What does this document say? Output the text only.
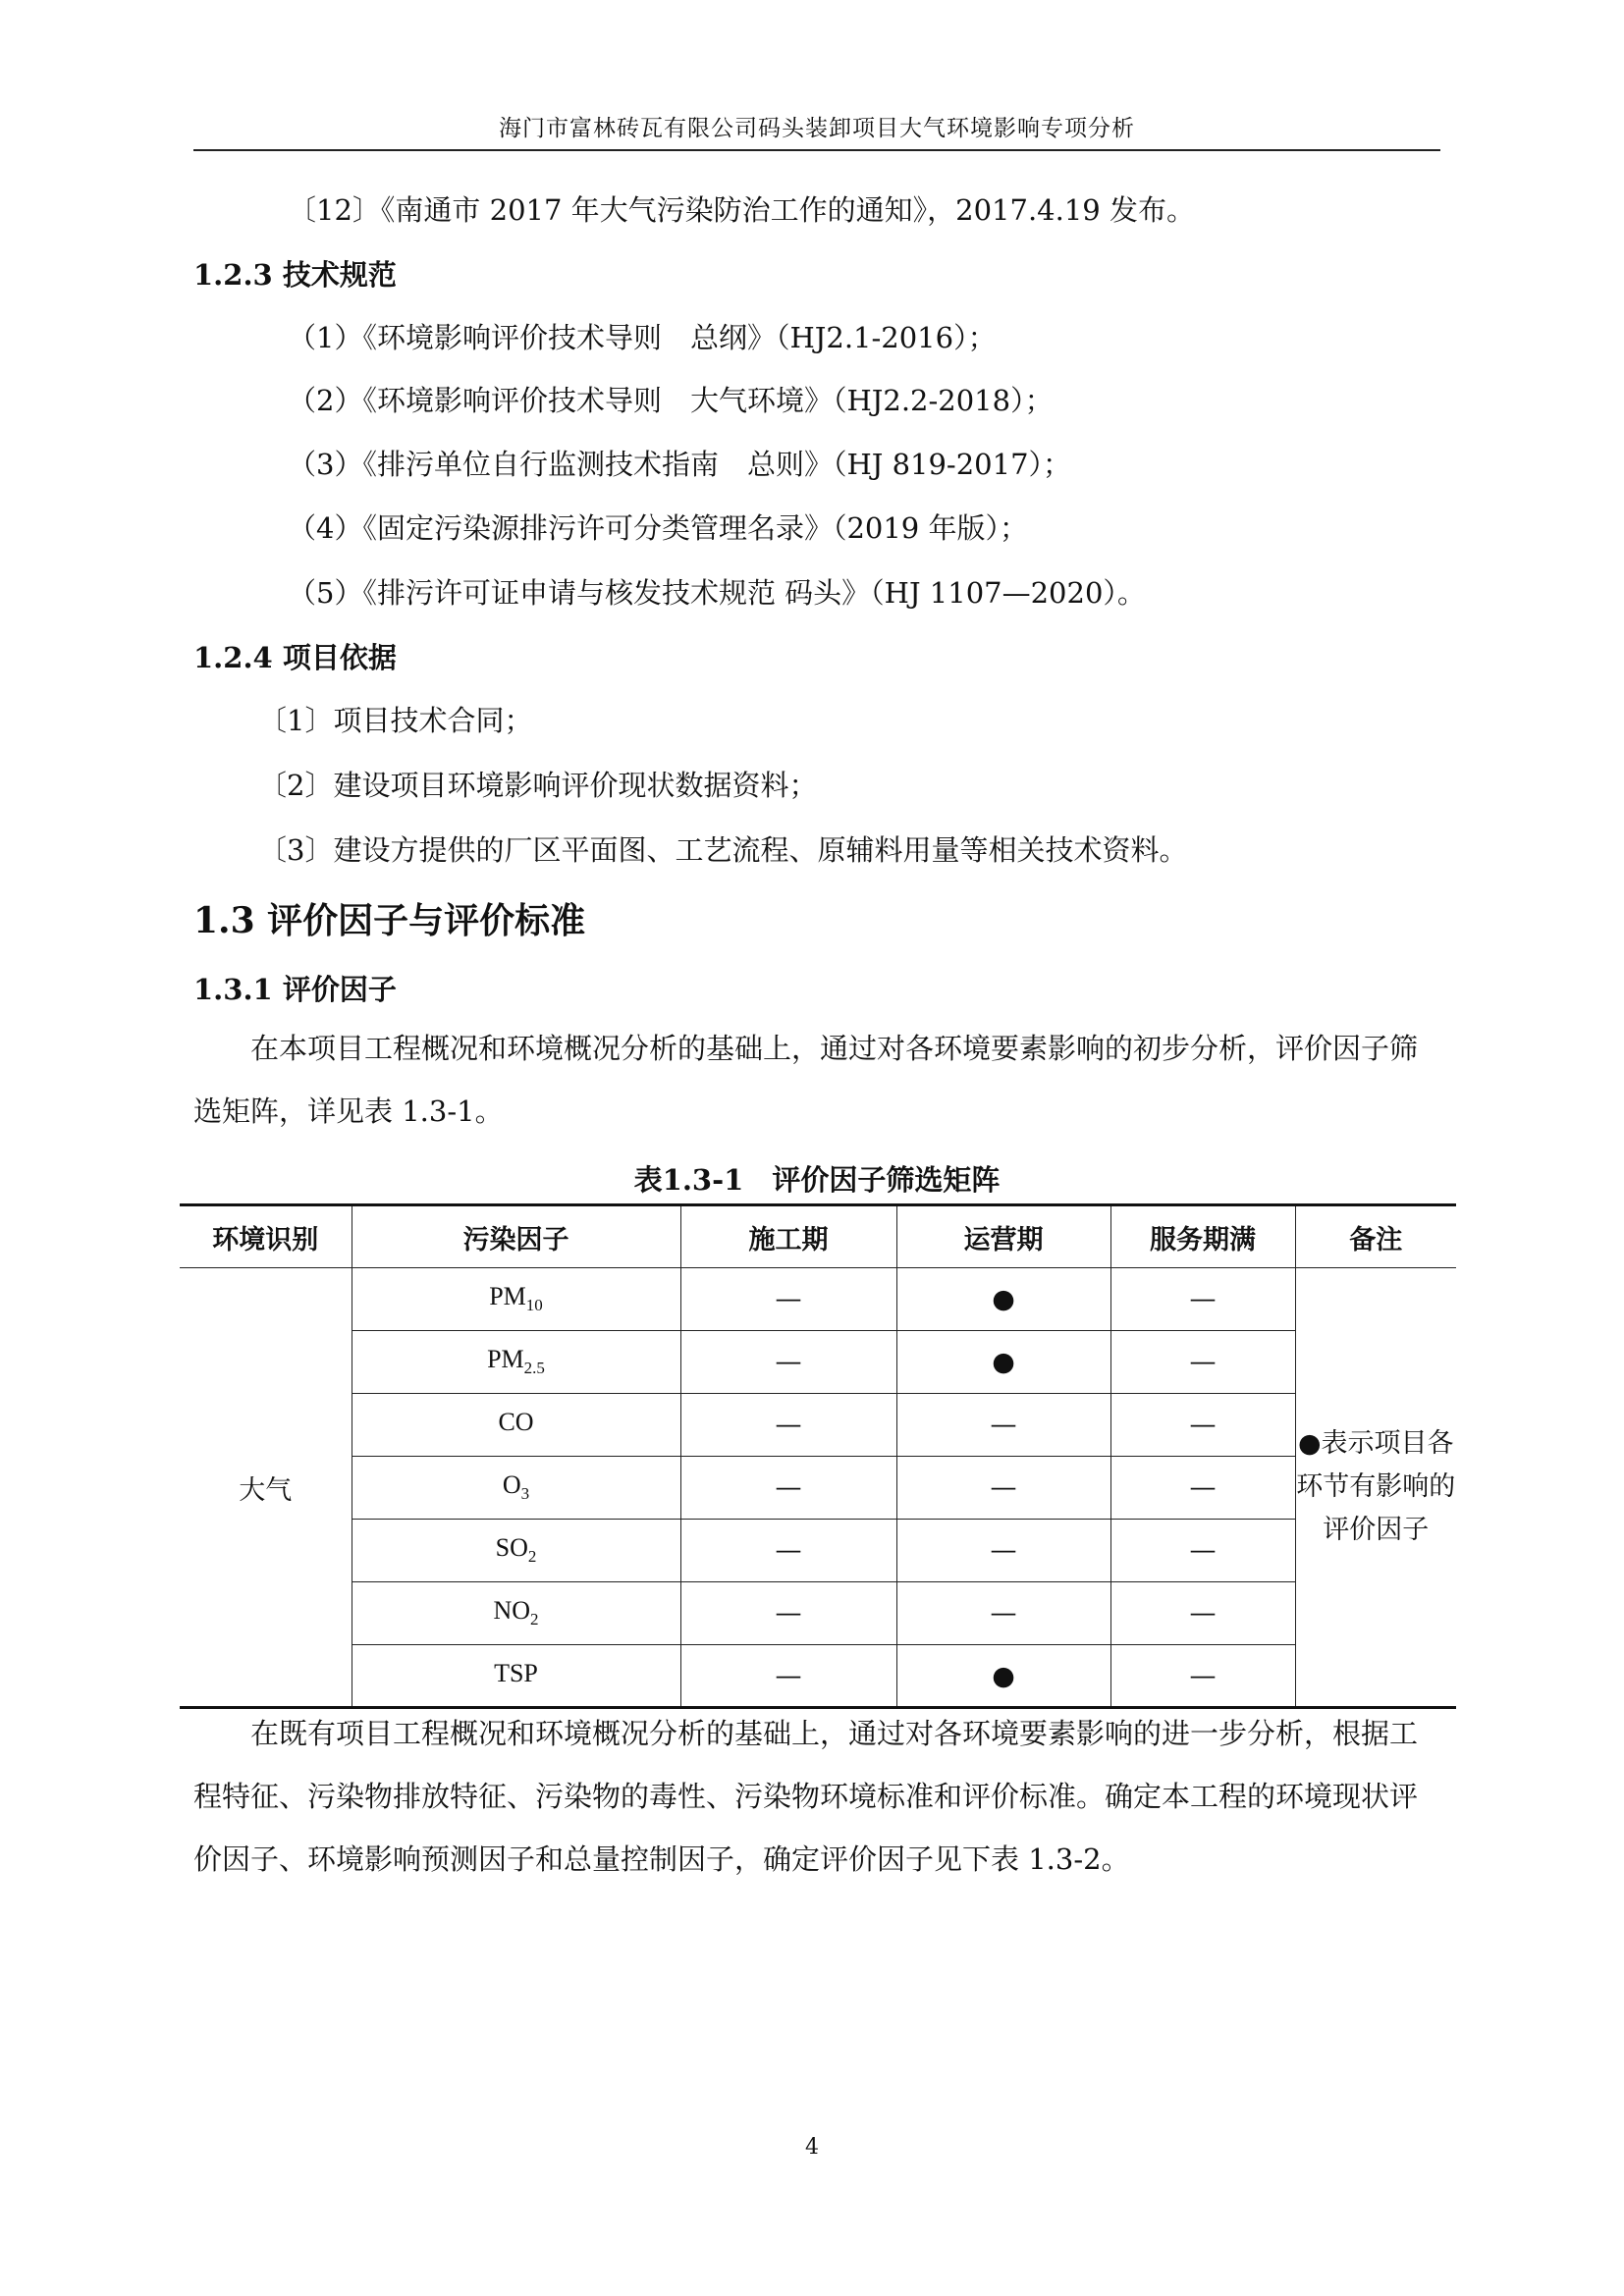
海门市富林砖瓦有限公司码头装卸项目大气环境影响专项分析
〔12〕《南通市 2017 年大气污染防治工作的通知》，2017.4.19 发布。
1.2.3 技术规范
（1）《环境影响评价技术导则　总纲》（HJ2.1-2016）；
（2）《环境影响评价技术导则　大气环境》（HJ2.2-2018）；
（3）《排污单位自行监测技术指南　总则》（HJ 819-2017）；
（4）《固定污染源排污许可分类管理名录》（2019 年版）；
（5）《排污许可证申请与核发技术规范 码头》（HJ 1107—2020）。
1.2.4 项目依据
〔1〕项目技术合同；
〔2〕建设项目环境影响评价现状数据资料；
〔3〕建设方提供的厂区平面图、工艺流程、原辅料用量等相关技术资料。
1.3 评价因子与评价标准
1.3.1 评价因子
在本项目工程概况和环境概况分析的基础上，通过对各环境要素影响的初步分析，评价因子筛选矩阵，详见表 1.3-1。
表1.3-1　评价因子筛选矩阵
环境识别	污染因子	施工期	运营期	服务期满	备注
大气	$PM_{10}$	—	●	—	●表示项目各环节有影响的评价因子
	$PM_{2.5}$	—	●	—	
	CO	—	—	—	
	$O_3$	—	—	—	
	$SO_2$	—	—	—	
	$NO_2$	—	—	—	
	TSP	—	●	—	
在既有项目工程概况和环境概况分析的基础上，通过对各环境要素影响的进一步分析，根据工程特征、污染物排放特征、污染物的毒性、污染物环境标准和评价标准。确定本工程的环境现状评价因子、环境影响预测因子和总量控制因子，确定评价因子见下表 1.3-2。
4
